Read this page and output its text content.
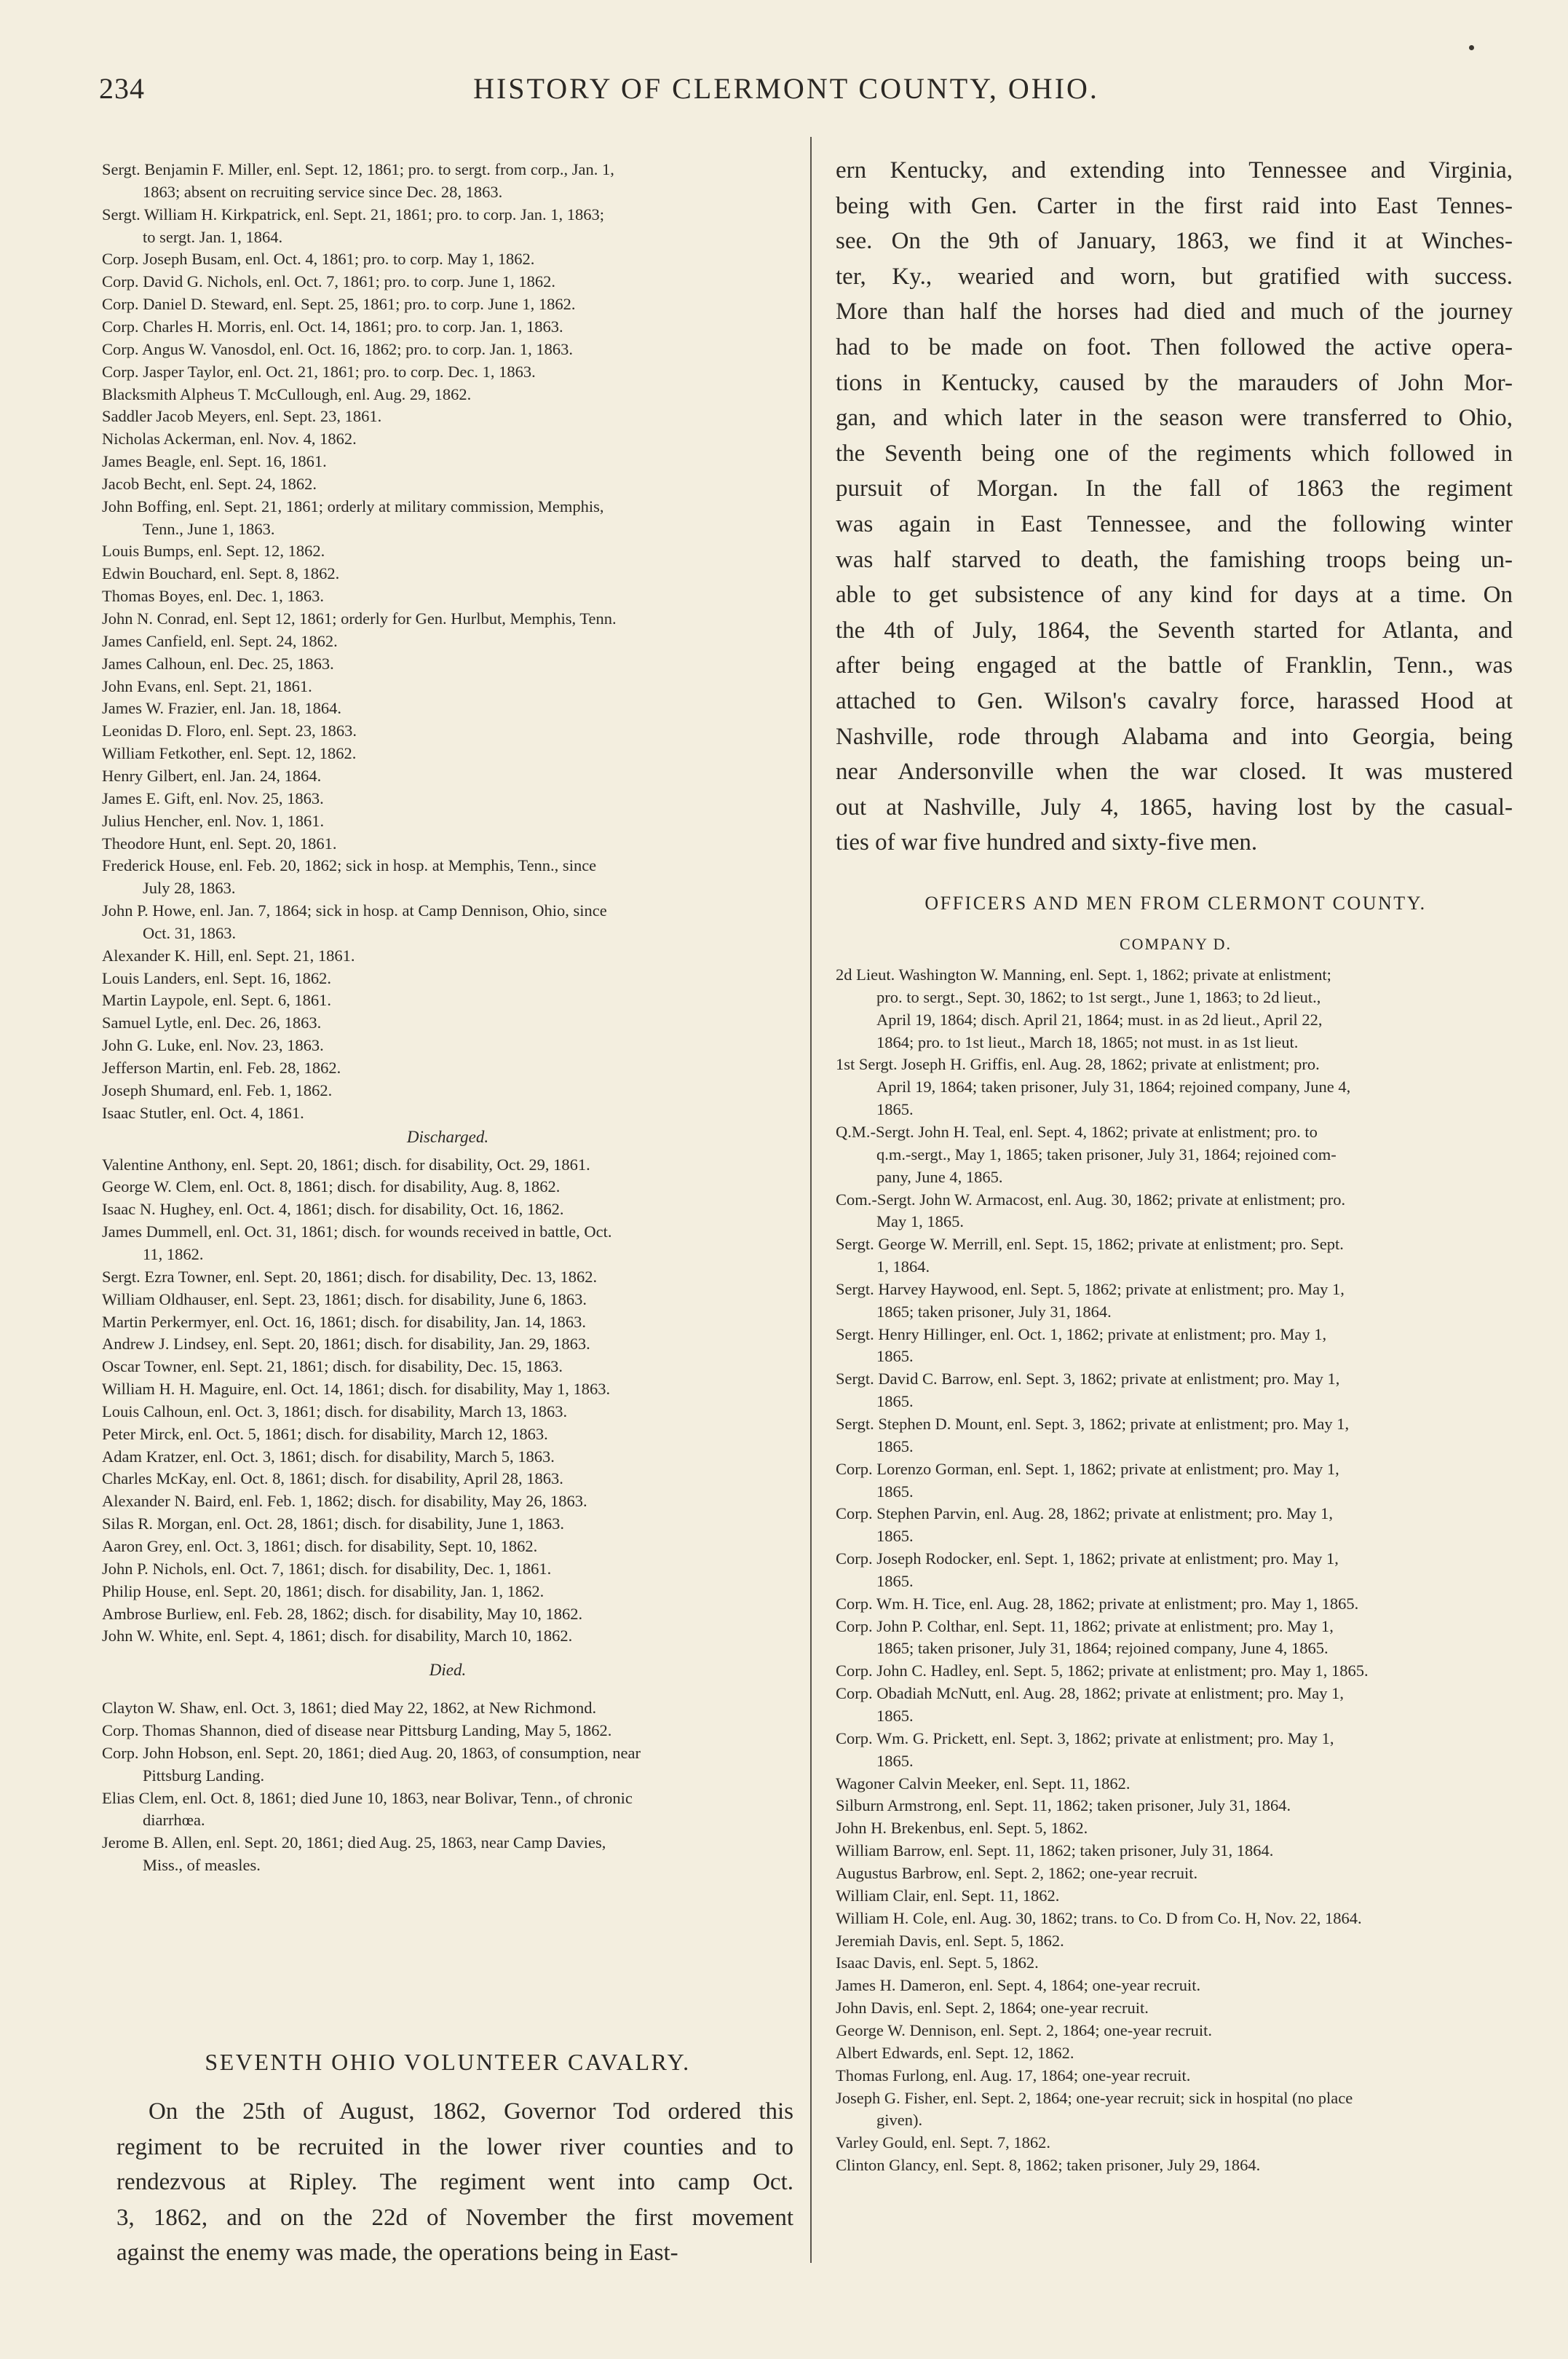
234	HISTORY OF CLERMONT COUNTY, OHIO.
Sergt. Benjamin F. Miller, enl. Sept. 12, 1861; pro. to sergt. from corp., Jan. 1,
1863; absent on recruiting service since Dec. 28, 1863.
Sergt. William H. Kirkpatrick, enl. Sept. 21, 1861; pro. to corp. Jan. 1, 1863;
to sergt. Jan. 1, 1864.
Corp. Joseph Busam, enl. Oct. 4, 1861; pro. to corp. May 1, 1862.
Corp. David G. Nichols, enl. Oct. 7, 1861; pro. to corp. June 1, 1862.
Corp. Daniel D. Steward, enl. Sept. 25, 1861; pro. to corp. June 1, 1862.
Corp. Charles H. Morris, enl. Oct. 14, 1861; pro. to corp. Jan. 1, 1863.
Corp. Angus W. Vanosdol, enl. Oct. 16, 1862; pro. to corp. Jan. 1, 1863.
Corp. Jasper Taylor, enl. Oct. 21, 1861; pro. to corp. Dec. 1, 1863.
Blacksmith Alpheus T. McCullough, enl. Aug. 29, 1862.
Saddler Jacob Meyers, enl. Sept. 23, 1861.
Nicholas Ackerman, enl. Nov. 4, 1862.
James Beagle, enl. Sept. 16, 1861.
Jacob Becht, enl. Sept. 24, 1862.
John Boffing, enl. Sept. 21, 1861; orderly at military commission, Memphis,
Tenn., June 1, 1863.
Louis Bumps, enl. Sept. 12, 1862.
Edwin Bouchard, enl. Sept. 8, 1862.
Thomas Boyes, enl. Dec. 1, 1863.
John N. Conrad, enl. Sept 12, 1861; orderly for Gen. Hurlbut, Memphis, Tenn.
James Canfield, enl. Sept. 24, 1862.
James Calhoun, enl. Dec. 25, 1863.
John Evans, enl. Sept. 21, 1861.
James W. Frazier, enl. Jan. 18, 1864.
Leonidas D. Floro, enl. Sept. 23, 1863.
William Fetkother, enl. Sept. 12, 1862.
Henry Gilbert, enl. Jan. 24, 1864.
James E. Gift, enl. Nov. 25, 1863.
Julius Hencher, enl. Nov. 1, 1861.
Theodore Hunt, enl. Sept. 20, 1861.
Frederick House, enl. Feb. 20, 1862; sick in hosp. at Memphis, Tenn., since
July 28, 1863.
John P. Howe, enl. Jan. 7, 1864; sick in hosp. at Camp Dennison, Ohio, since
Oct. 31, 1863.
Alexander K. Hill, enl. Sept. 21, 1861.
Louis Landers, enl. Sept. 16, 1862.
Martin Laypole, enl. Sept. 6, 1861.
Samuel Lytle, enl. Dec. 26, 1863.
John G. Luke, enl. Nov. 23, 1863.
Jefferson Martin, enl. Feb. 28, 1862.
Joseph Shumard, enl. Feb. 1, 1862.
Isaac Stutler, enl. Oct. 4, 1861.
Discharged.
Valentine Anthony, enl. Sept. 20, 1861; disch. for disability, Oct. 29, 1861.
George W. Clem, enl. Oct. 8, 1861; disch. for disability, Aug. 8, 1862.
Isaac N. Hughey, enl. Oct. 4, 1861; disch. for disability, Oct. 16, 1862.
James Dummell, enl. Oct. 31, 1861; disch. for wounds received in battle, Oct.
11, 1862.
Sergt. Ezra Towner, enl. Sept. 20, 1861; disch. for disability, Dec. 13, 1862.
William Oldhauser, enl. Sept. 23, 1861; disch. for disability, June 6, 1863.
Martin Perkermyer, enl. Oct. 16, 1861; disch. for disability, Jan. 14, 1863.
Andrew J. Lindsey, enl. Sept. 20, 1861; disch. for disability, Jan. 29, 1863.
Oscar Towner, enl. Sept. 21, 1861; disch. for disability, Dec. 15, 1863.
William H. H. Maguire, enl. Oct. 14, 1861; disch. for disability, May 1, 1863.
Louis Calhoun, enl. Oct. 3, 1861; disch. for disability, March 13, 1863.
Peter Mirck, enl. Oct. 5, 1861; disch. for disability, March 12, 1863.
Adam Kratzer, enl. Oct. 3, 1861; disch. for disability, March 5, 1863.
Charles McKay, enl. Oct. 8, 1861; disch. for disability, April 28, 1863.
Alexander N. Baird, enl. Feb. 1, 1862; disch. for disability, May 26, 1863.
Silas R. Morgan, enl. Oct. 28, 1861; disch. for disability, June 1, 1863.
Aaron Grey, enl. Oct. 3, 1861; disch. for disability, Sept. 10, 1862.
John P. Nichols, enl. Oct. 7, 1861; disch. for disability, Dec. 1, 1861.
Philip House, enl. Sept. 20, 1861; disch. for disability, Jan. 1, 1862.
Ambrose Burliew, enl. Feb. 28, 1862; disch. for disability, May 10, 1862.
John W. White, enl. Sept. 4, 1861; disch. for disability, March 10, 1862.
Died.
Clayton W. Shaw, enl. Oct. 3, 1861; died May 22, 1862, at New Richmond.
Corp. Thomas Shannon, died of disease near Pittsburg Landing, May 5, 1862.
Corp. John Hobson, enl. Sept. 20, 1861; died Aug. 20, 1863, of consumption, near
Pittsburg Landing.
Elias Clem, enl. Oct. 8, 1861; died June 10, 1863, near Bolivar, Tenn., of chronic
diarrhœa.
Jerome B. Allen, enl. Sept. 20, 1861; died Aug. 25, 1863, near Camp Davies,
Miss., of measles.
SEVENTH OHIO VOLUNTEER CAVALRY.
On the 25th of August, 1862, Governor Tod ordered this
regiment to be recruited in the lower river counties and to
rendezvous at Ripley. The regiment went into camp Oct.
3, 1862, and on the 22d of November the first movement
against the enemy was made, the operations being in East-
ern Kentucky, and extending into Tennessee and Virginia,
being with Gen. Carter in the first raid into East Tennes-
see. On the 9th of January, 1863, we find it at Winches-
ter, Ky., wearied and worn, but gratified with success.
More than half the horses had died and much of the journey
had to be made on foot. Then followed the active opera-
tions in Kentucky, caused by the marauders of John Mor-
gan, and which later in the season were transferred to Ohio,
the Seventh being one of the regiments which followed in
pursuit of Morgan. In the fall of 1863 the regiment
was again in East Tennessee, and the following winter
was half starved to death, the famishing troops being un-
able to get subsistence of any kind for days at a time. On
the 4th of July, 1864, the Seventh started for Atlanta, and
after being engaged at the battle of Franklin, Tenn., was
attached to Gen. Wilson's cavalry force, harassed Hood at
Nashville, rode through Alabama and into Georgia, being
near Andersonville when the war closed. It was mustered
out at Nashville, July 4, 1865, having lost by the casual-
ties of war five hundred and sixty-five men.
OFFICERS AND MEN FROM CLERMONT COUNTY.
COMPANY D.
2d Lieut. Washington W. Manning, enl. Sept. 1, 1862; private at enlistment;
pro. to sergt., Sept. 30, 1862; to 1st sergt., June 1, 1863; to 2d lieut.,
April 19, 1864; disch. April 21, 1864; must. in as 2d lieut., April 22,
1864; pro. to 1st lieut., March 18, 1865; not must. in as 1st lieut.
1st Sergt. Joseph H. Griffis, enl. Aug. 28, 1862; private at enlistment; pro.
April 19, 1864; taken prisoner, July 31, 1864; rejoined company, June 4,
1865.
Q.M.-Sergt. John H. Teal, enl. Sept. 4, 1862; private at enlistment; pro. to
q.m.-sergt., May 1, 1865; taken prisoner, July 31, 1864; rejoined com-
pany, June 4, 1865.
Com.-Sergt. John W. Armacost, enl. Aug. 30, 1862; private at enlistment; pro.
May 1, 1865.
Sergt. George W. Merrill, enl. Sept. 15, 1862; private at enlistment; pro. Sept.
1, 1864.
Sergt. Harvey Haywood, enl. Sept. 5, 1862; private at enlistment; pro. May 1,
1865; taken prisoner, July 31, 1864.
Sergt. Henry Hillinger, enl. Oct. 1, 1862; private at enlistment; pro. May 1,
1865.
Sergt. David C. Barrow, enl. Sept. 3, 1862; private at enlistment; pro. May 1,
1865.
Sergt. Stephen D. Mount, enl. Sept. 3, 1862; private at enlistment; pro. May 1,
1865.
Corp. Lorenzo Gorman, enl. Sept. 1, 1862; private at enlistment; pro. May 1,
1865.
Corp. Stephen Parvin, enl. Aug. 28, 1862; private at enlistment; pro. May 1,
1865.
Corp. Joseph Rodocker, enl. Sept. 1, 1862; private at enlistment; pro. May 1,
1865.
Corp. Wm. H. Tice, enl. Aug. 28, 1862; private at enlistment; pro. May 1, 1865.
Corp. John P. Colthar, enl. Sept. 11, 1862; private at enlistment; pro. May 1,
1865; taken prisoner, July 31, 1864; rejoined company, June 4, 1865.
Corp. John C. Hadley, enl. Sept. 5, 1862; private at enlistment; pro. May 1, 1865.
Corp. Obadiah McNutt, enl. Aug. 28, 1862; private at enlistment; pro. May 1,
1865.
Corp. Wm. G. Prickett, enl. Sept. 3, 1862; private at enlistment; pro. May 1,
1865.
Wagoner Calvin Meeker, enl. Sept. 11, 1862.
Silburn Armstrong, enl. Sept. 11, 1862; taken prisoner, July 31, 1864.
John H. Brekenbus, enl. Sept. 5, 1862.
William Barrow, enl. Sept. 11, 1862; taken prisoner, July 31, 1864.
Augustus Barbrow, enl. Sept. 2, 1862; one-year recruit.
William Clair, enl. Sept. 11, 1862.
William H. Cole, enl. Aug. 30, 1862; trans. to Co. D from Co. H, Nov. 22, 1864.
Jeremiah Davis, enl. Sept. 5, 1862.
Isaac Davis, enl. Sept. 5, 1862.
James H. Dameron, enl. Sept. 4, 1864; one-year recruit.
John Davis, enl. Sept. 2, 1864; one-year recruit.
George W. Dennison, enl. Sept. 2, 1864; one-year recruit.
Albert Edwards, enl. Sept. 12, 1862.
Thomas Furlong, enl. Aug. 17, 1864; one-year recruit.
Joseph G. Fisher, enl. Sept. 2, 1864; one-year recruit; sick in hospital (no place
given).
Varley Gould, enl. Sept. 7, 1862.
Clinton Glancy, enl. Sept. 8, 1862; taken prisoner, July 29, 1864.
